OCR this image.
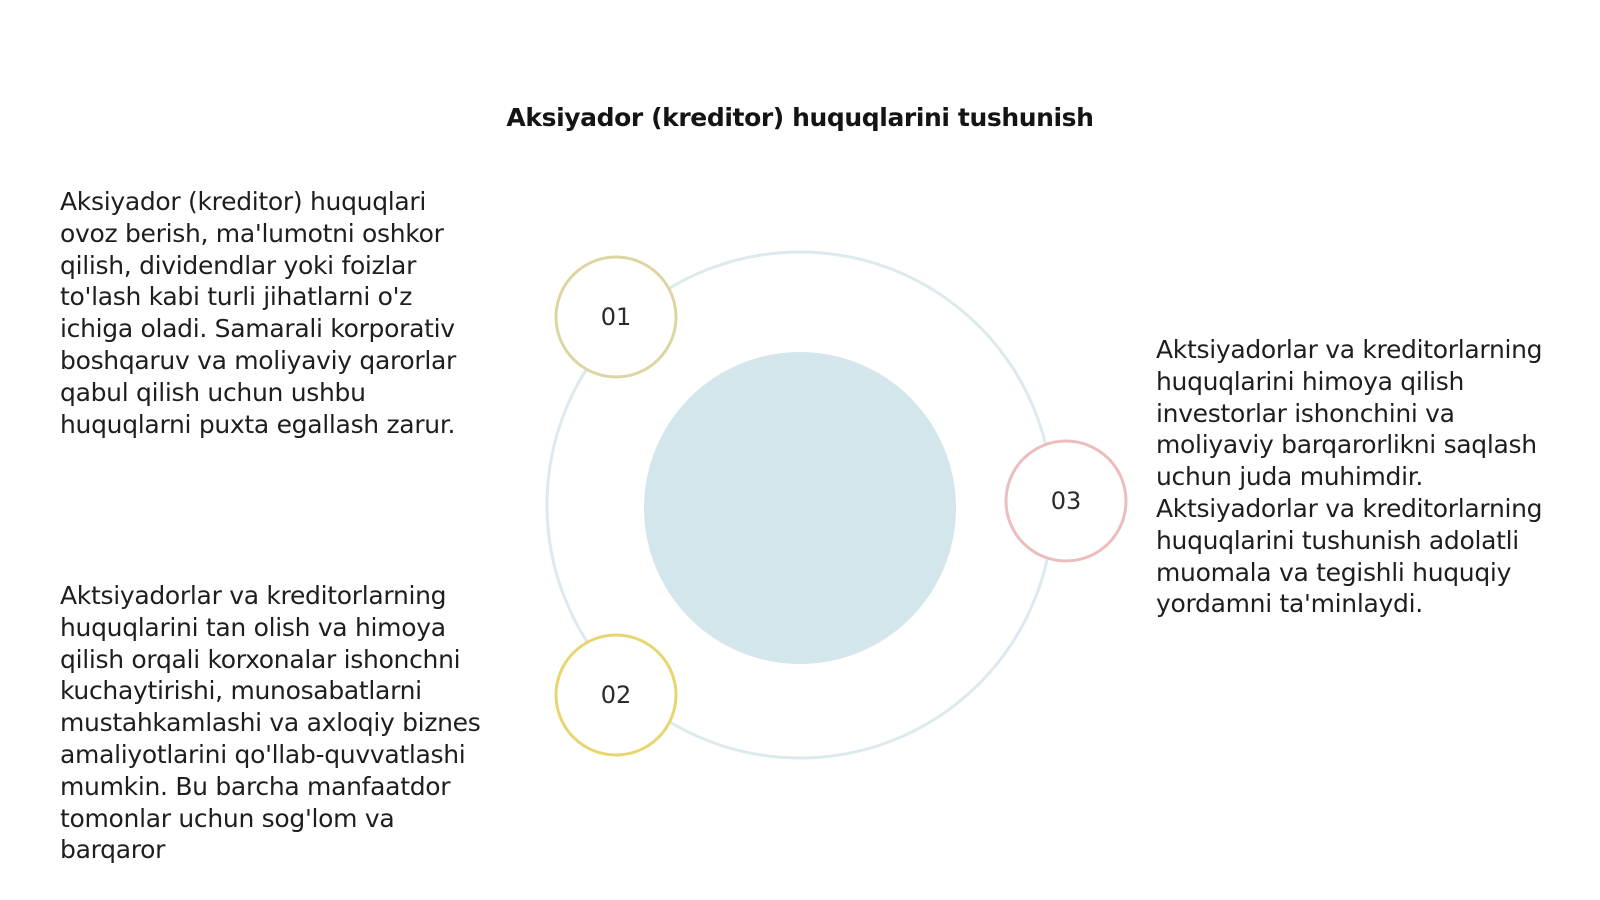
Aksiyador (kreditor) huquqlarini tushunish

Aksiyador (kreditor) huquqlari ovoz berish, ma'lumotni oshkor qilish, dividendlar yoki foizlar to'lash kabi turli jihatlarni o'z ichiga oladi. Samarali korporativ boshqaruv va moliyaviy qarorlar qabul qilish uchun ushbu huquqlarni puxta egallash zarur.

Aktsiyadorlar va kreditorlarning huquqlarini tan olish va himoya qilish orqali korxonalar ishonchni kuchaytirishi, munosabatlarni mustahkamlashi va axloqiy biznes amaliyotlarini qo'llab-quvvatlashi mumkin. Bu barcha manfaatdor tomonlar uchun sog'lom va barqaror

Aktsiyadorlar va kreditorlarning huquqlarini himoya qilish investorlar ishonchini va moliyaviy barqarorlikni saqlash uchun juda muhimdir. Aktsiyadorlar va kreditorlarning huquqlarini tushunish adolatli muomala va tegishli huquqiy yordamni ta'minlaydi.

01
02
03
